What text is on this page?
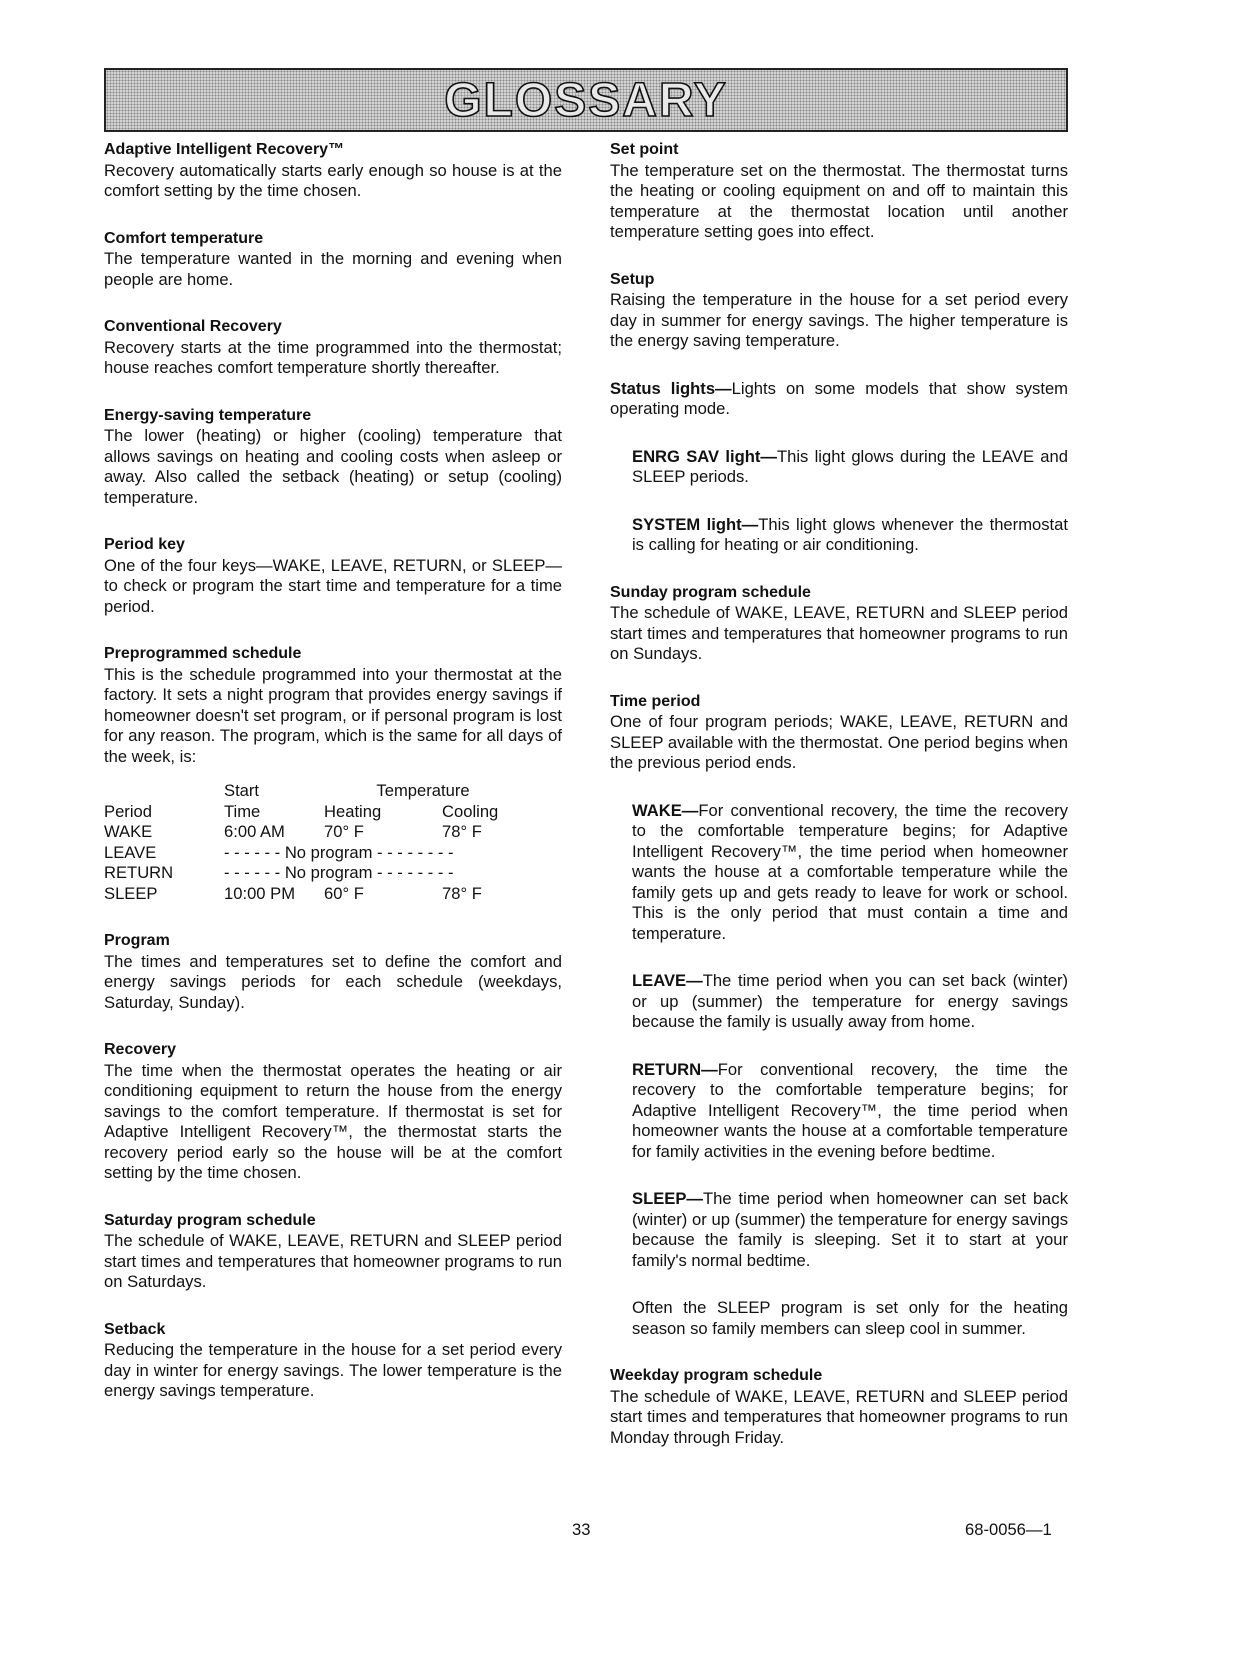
GLOSSARY
Adaptive Intelligent Recovery™
Recovery automatically starts early enough so house is at the comfort setting by the time chosen.
Comfort temperature
The temperature wanted in the morning and evening when people are home.
Conventional Recovery
Recovery starts at the time programmed into the thermostat; house reaches comfort temperature shortly thereafter.
Energy-saving temperature
The lower (heating) or higher (cooling) temperature that allows savings on heating and cooling costs when asleep or away. Also called the setback (heating) or setup (cooling) temperature.
Period key
One of the four keys—WAKE, LEAVE, RETURN, or SLEEP—to check or program the start time and temperature for a time period.
Preprogrammed schedule
This is the schedule programmed into your thermostat at the factory. It sets a night program that provides energy savings if homeowner doesn't set program, or if personal program is lost for any reason. The program, which is the same for all days of the week, is:
	Start	Temperature	
Period	Time	Heating	Cooling
WAKE	6:00 AM	70° F	78° F
LEAVE	- - - - - - No program - - - - - - - -		
RETURN	- - - - - - No program - - - - - - - -		
SLEEP	10:00 PM	60° F	78° F
Program
The times and temperatures set to define the comfort and energy savings periods for each schedule (weekdays, Saturday, Sunday).
Recovery
The time when the thermostat operates the heating or air conditioning equipment to return the house from the energy savings to the comfort temperature. If thermostat is set for Adaptive Intelligent Recovery™, the thermostat starts the recovery period early so the house will be at the comfort setting by the time chosen.
Saturday program schedule
The schedule of WAKE, LEAVE, RETURN and SLEEP period start times and temperatures that homeowner programs to run on Saturdays.
Setback
Reducing the temperature in the house for a set period every day in winter for energy savings. The lower temperature is the energy savings temperature.
Set point
The temperature set on the thermostat. The thermostat turns the heating or cooling equipment on and off to maintain this temperature at the thermostat location until another temperature setting goes into effect.
Setup
Raising the temperature in the house for a set period every day in summer for energy savings. The higher temperature is the energy saving temperature.
Status lights—Lights on some models that show system operating mode.
ENRG SAV light—This light glows during the LEAVE and SLEEP periods.
SYSTEM light—This light glows whenever the thermostat is calling for heating or air conditioning.
Sunday program schedule
The schedule of WAKE, LEAVE, RETURN and SLEEP period start times and temperatures that homeowner programs to run on Sundays.
Time period
One of four program periods; WAKE, LEAVE, RETURN and SLEEP available with the thermostat. One period begins when the previous period ends.
WAKE—For conventional recovery, the time the recovery to the comfortable temperature begins; for Adaptive Intelligent Recovery™, the time period when homeowner wants the house at a comfortable temperature while the family gets up and gets ready to leave for work or school. This is the only period that must contain a time and temperature.
LEAVE—The time period when you can set back (winter) or up (summer) the temperature for energy savings because the family is usually away from home.
RETURN—For conventional recovery, the time the recovery to the comfortable temperature begins; for Adaptive Intelligent Recovery™, the time period when homeowner wants the house at a comfortable temperature for family activities in the evening before bedtime.
SLEEP—The time period when homeowner can set back (winter) or up (summer) the temperature for energy savings because the family is sleeping. Set it to start at your family's normal bedtime.
Often the SLEEP program is set only for the heating season so family members can sleep cool in summer.
Weekday program schedule
The schedule of WAKE, LEAVE, RETURN and SLEEP period start times and temperatures that homeowner programs to run Monday through Friday.
33	68-0056—1
